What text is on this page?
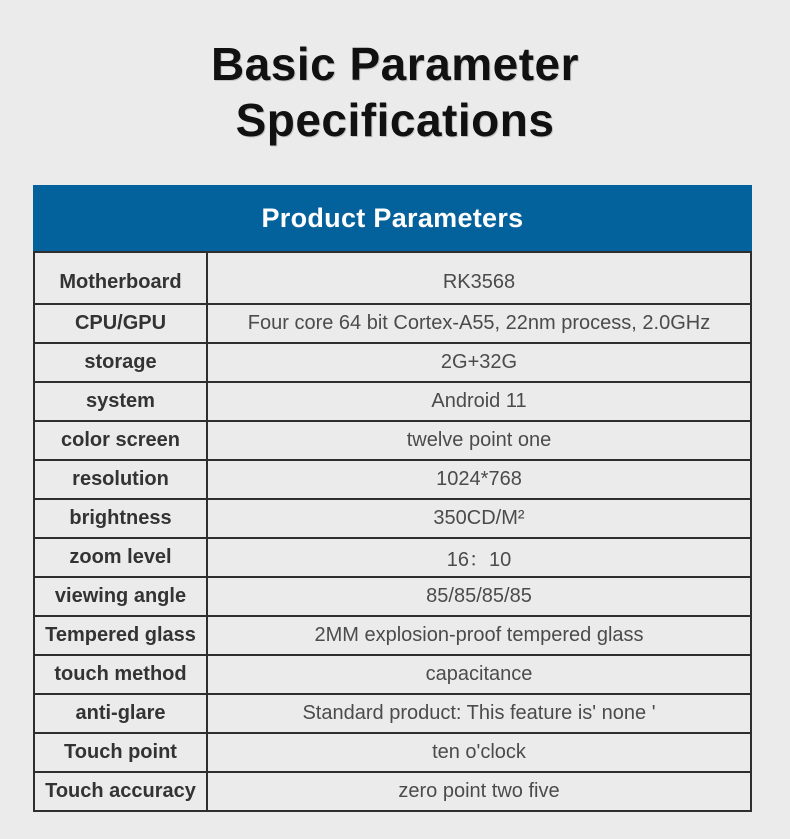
Basic Parameter
Specifications
Product Parameters
Motherboard	RK3568
CPU/GPU	Four core 64 bit Cortex-A55, 22nm process, 2.0GHz
storage	2G+32G
system	Android 11
color screen	twelve point one
resolution	1024*768
brightness	350CD/M²
zoom level	16：10
viewing angle	85/85/85/85
Tempered glass	2MM explosion-proof tempered glass
touch method	capacitance
anti-glare	Standard product: This feature is' none '
Touch point	ten o'clock
Touch accuracy	zero point two five
